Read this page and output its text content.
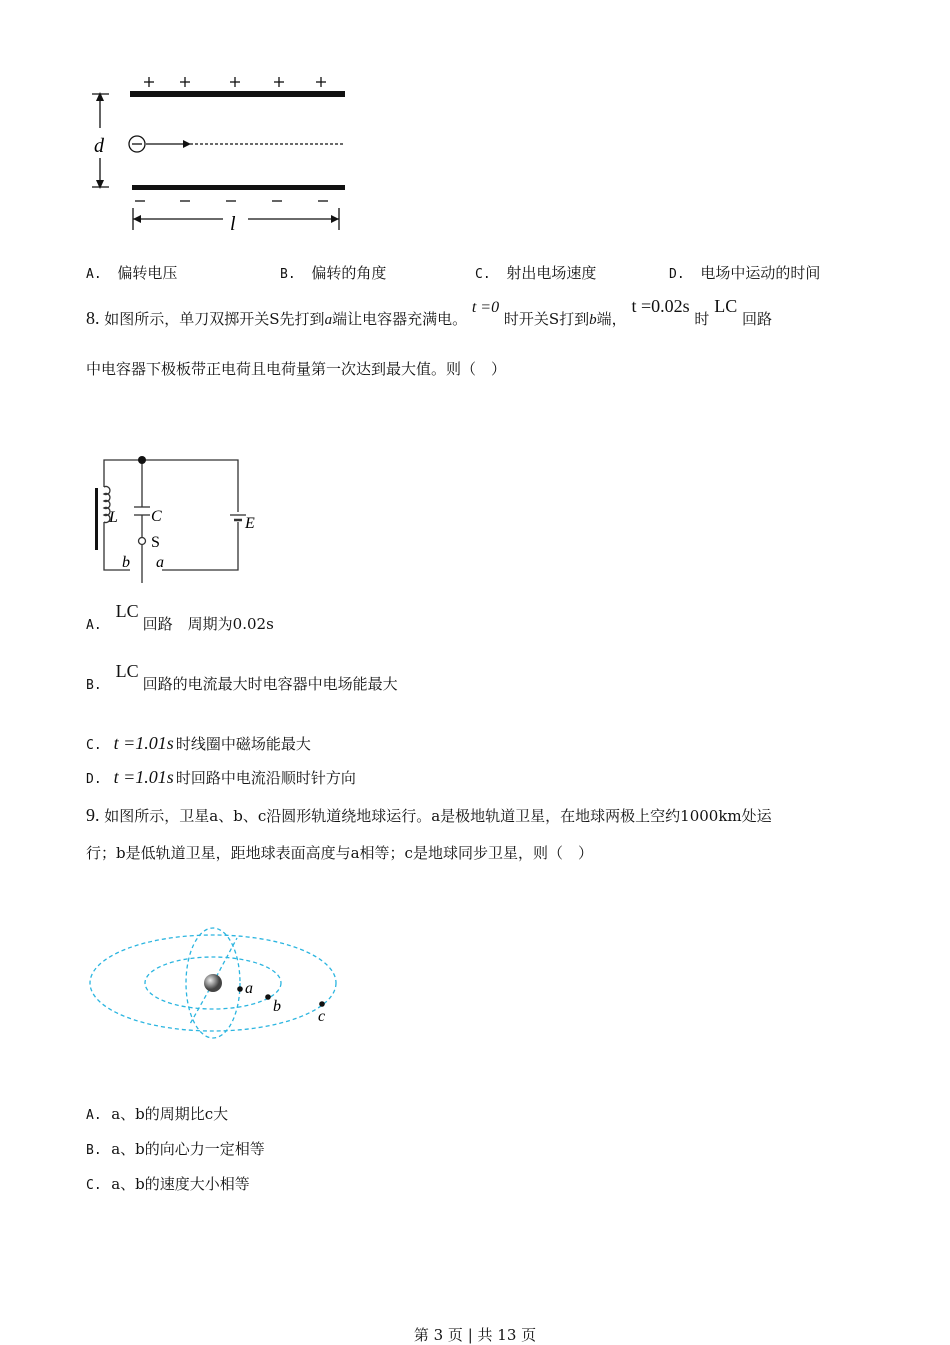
d
l
A. 偏转电压	B. 偏转的角度	C. 射出电场速度	D. 电场中运动的时间
8. 如图所示，单刀双掷开关S先打到a端让电容器充满电。 t =0 时开关S打到b端， t =0.02s 时 LC 回路
中电容器下极板带正电荷且电荷量第一次达到最大值。则（　）
L C
S
E
b a
A.LC回路　周期为0.02s
B.LC回路的电流最大时电容器中电场能最大
C. t =1.01s 时线圈中磁场能最大
D. t =1.01s 时回路中电流沿顺时针方向
9. 如图所示，卫星a、b、c沿圆形轨道绕地球运行。a是极地轨道卫星，在地球两极上空约1000km处运
行；b是低轨道卫星，距地球表面高度与a相等；c是地球同步卫星，则（　）
a
b
c
A. a、b的周期比c大
B. a、b的向心力一定相等
C. a、b的速度大小相等
第 3 页 | 共 13 页
